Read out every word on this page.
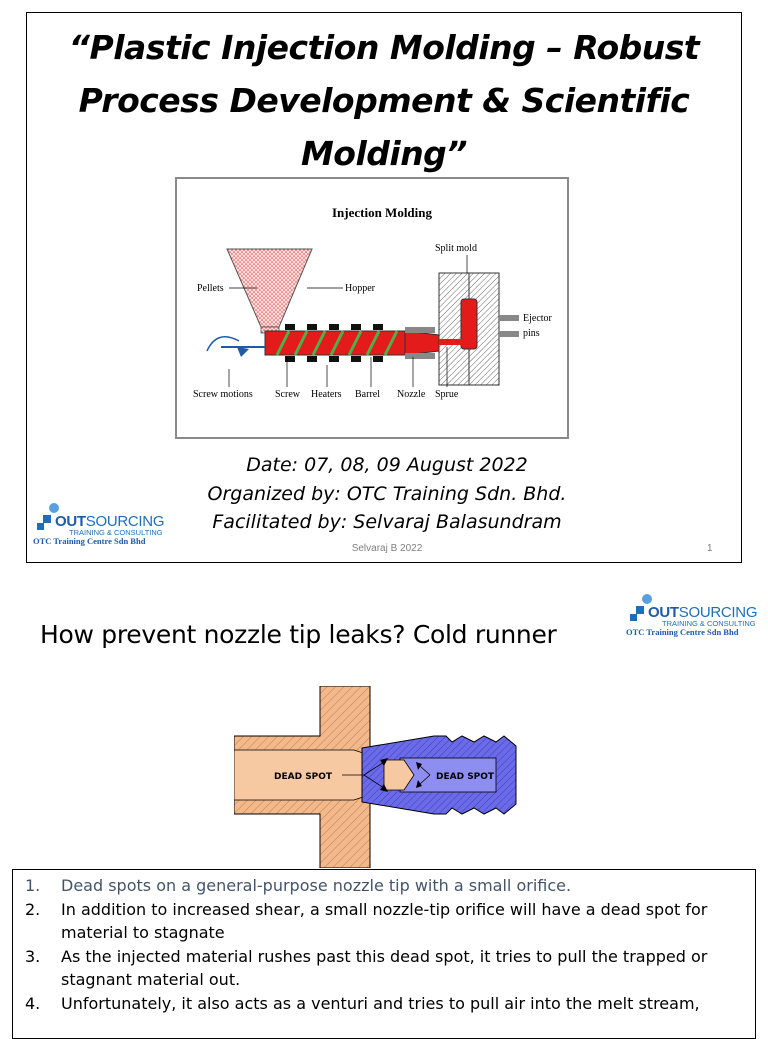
“Plastic Injection Molding – Robust
Process Development & Scientific
Molding”
Injection Molding
Pellets	Hopper
Split mold
Ejector
pins
Screw motions Screw Heaters Barrel Nozzle Sprue
Date: 07, 08, 09 August 2022
Organized by: OTC Training Sdn. Bhd.
Facilitated by: Selvaraj Balasundram
OUTSOURCING
TRAINING & CONSULTING
OTC Training Centre Sdn Bhd
Selvaraj B 2022	1
How prevent nozzle tip leaks? Cold runner
OUTSOURCING
TRAINING & CONSULTING
OTC Training Centre Sdn Bhd
DEAD SPOT	DEAD SPOT
1. Dead spots on a general-purpose nozzle tip with a small orifice.
2. In addition to increased shear, a small nozzle-tip orifice will have a dead spot for material to stagnate
3. As the injected material rushes past this dead spot, it tries to pull the trapped or stagnant material out.
4. Unfortunately, it also acts as a venturi and tries to pull air into the melt stream,
